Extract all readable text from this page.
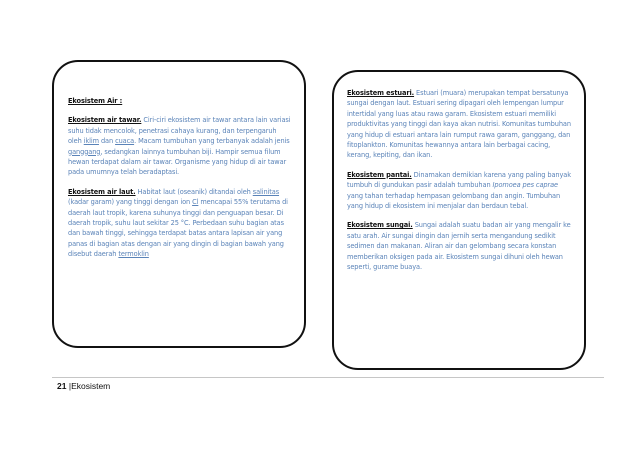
Ekosistem Air :

Ekosistem air tawar. Ciri-ciri ekosistem air tawar antara lain variasi suhu tidak mencolok, penetrasi cahaya kurang, dan terpengaruh oleh iklim dan cuaca. Macam tumbuhan yang terbanyak adalah jenis ganggang, sedangkan lainnya tumbuhan biji. Hampir semua filum hewan terdapat dalam air tawar. Organisme yang hidup di air tawar pada umumnya telah beradaptasi.

Ekosistem air laut. Habitat laut (oseanik) ditandai oleh salinitas (kadar garam) yang tinggi dengan ion Cl mencapai 55% terutama di daerah laut tropik, karena suhunya tinggi dan penguapan besar. Di daerah tropik, suhu laut sekitar 25 °C. Perbedaan suhu bagian atas dan bawah tinggi, sehingga terdapat batas antara lapisan air yang panas di bagian atas dengan air yang dingin di bagian bawah yang disebut daerah termoklin

Ekosistem estuari. Estuari (muara) merupakan tempat bersatunya sungai dengan laut. Estuari sering dipagari oleh lempengan lumpur intertidal yang luas atau rawa garam. Ekosistem estuari memiliki produktivitas yang tinggi dan kaya akan nutrisi. Komunitas tumbuhan yang hidup di estuari antara lain rumput rawa garam, ganggang, dan fitoplankton. Komunitas hewannya antara lain berbagai cacing, kerang, kepiting, dan ikan.

Ekosistem pantai. Dinamakan demikian karena yang paling banyak tumbuh di gundukan pasir adalah tumbuhan Ipomoea pes caprae yang tahan terhadap hempasan gelombang dan angin. Tumbuhan yang hidup di ekosistem ini menjalar dan berdaun tebal.

Ekosistem sungai. Sungai adalah suatu badan air yang mengalir ke satu arah. Air sungai dingin dan jernih serta mengandung sedikit sedimen dan makanan. Aliran air dan gelombang secara konstan memberikan oksigen pada air. Ekosistem sungai dihuni oleh hewan seperti, gurame buaya.

21 |Ekosistem
